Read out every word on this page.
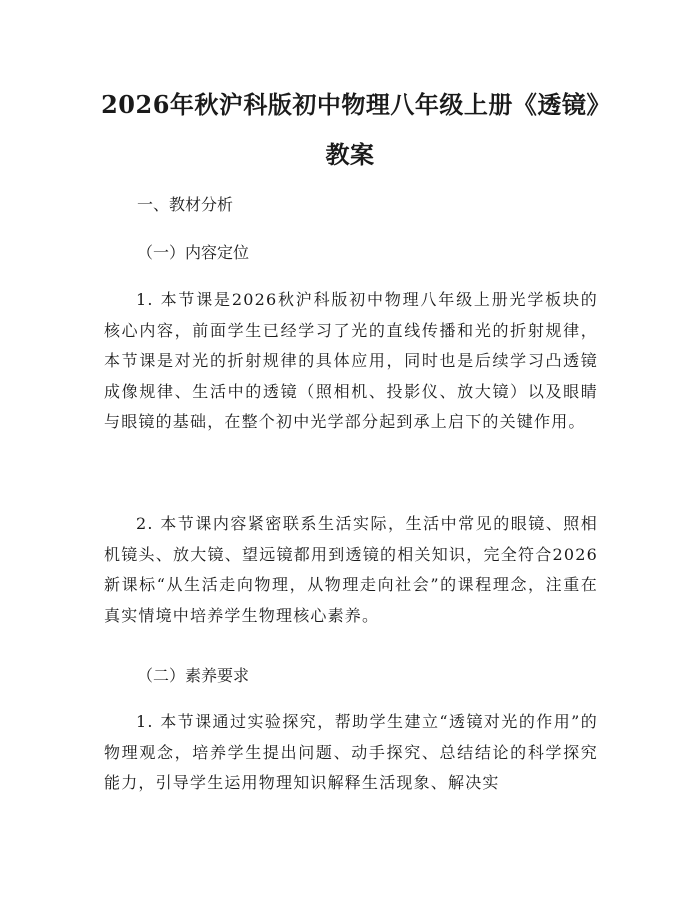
2026年秋沪科版初中物理八年级上册《透镜》教案
一、教材分析
（一）内容定位
1. 本节课是2026秋沪科版初中物理八年级上册光学板块的核心内容，前面学生已经学习了光的直线传播和光的折射规律，本节课是对光的折射规律的具体应用，同时也是后续学习凸透镜成像规律、生活中的透镜（照相机、投影仪、放大镜）以及眼睛与眼镜的基础，在整个初中光学部分起到承上启下的关键作用。
2. 本节课内容紧密联系生活实际，生活中常见的眼镜、照相机镜头、放大镜、望远镜都用到透镜的相关知识，完全符合2026新课标“从生活走向物理，从物理走向社会”的课程理念，注重在真实情境中培养学生物理核心素养。
（二）素养要求
1. 本节课通过实验探究，帮助学生建立“透镜对光的作用”的物理观念，培养学生提出问题、动手探究、总结结论的科学探究能力，引导学生运用物理知识解释生活现象、解决实
